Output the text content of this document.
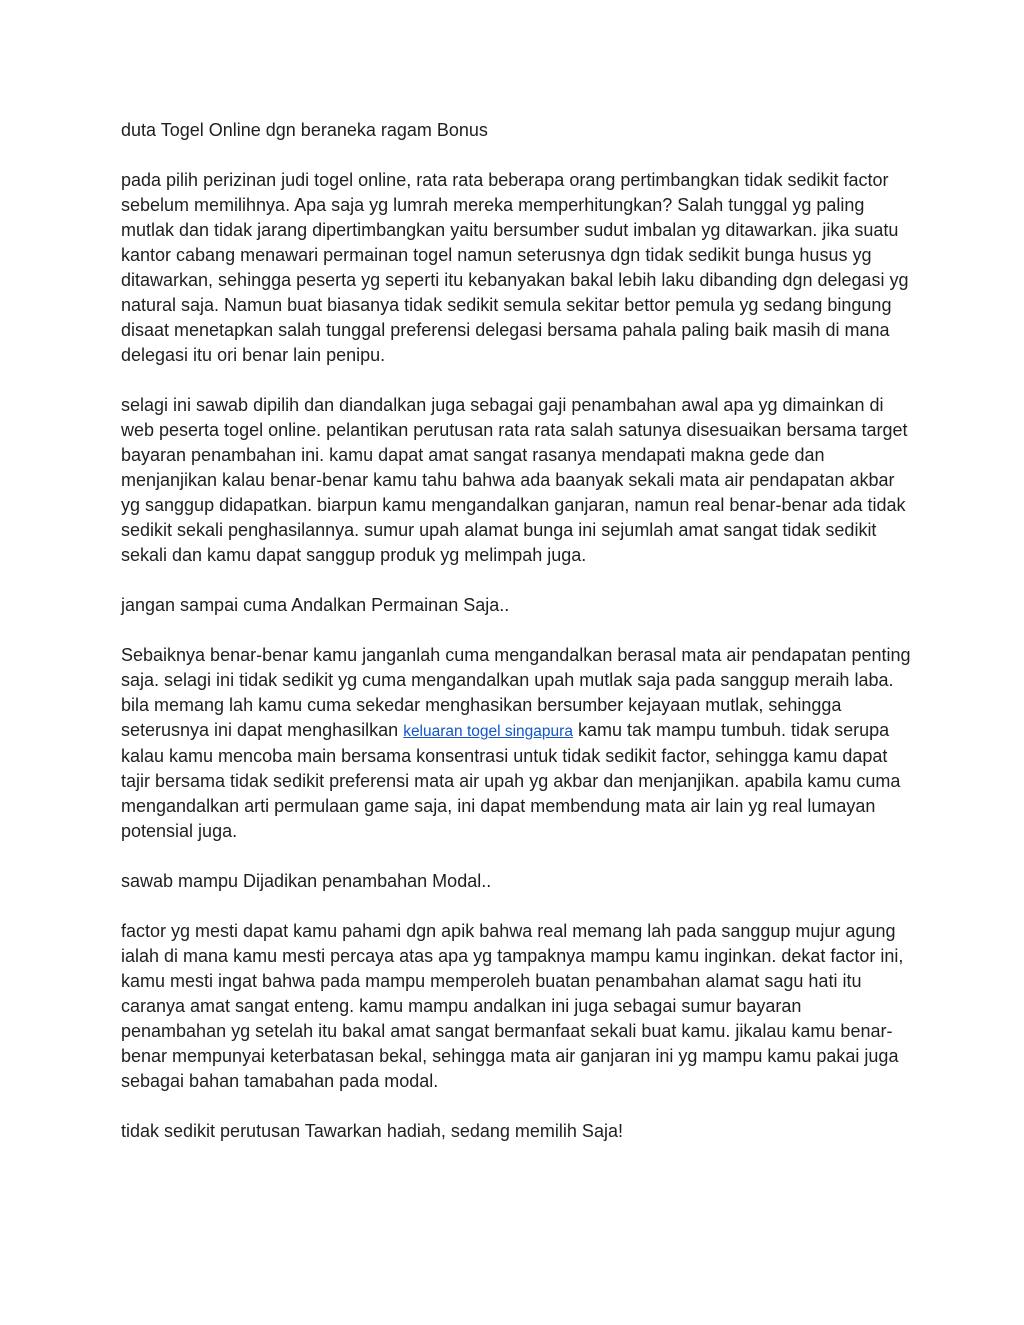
duta Togel Online dgn beraneka ragam Bonus

pada pilih perizinan judi togel online, rata rata beberapa orang pertimbangkan tidak sedikit factor sebelum memilihnya. Apa saja yg lumrah mereka memperhitungkan? Salah tunggal yg paling mutlak dan tidak jarang dipertimbangkan yaitu bersumber sudut imbalan yg ditawarkan. jika suatu kantor cabang menawari permainan togel namun seterusnya dgn tidak sedikit bunga husus yg ditawarkan, sehingga peserta yg seperti itu kebanyakan bakal lebih laku dibanding dgn delegasi yg natural saja. Namun buat biasanya tidak sedikit semula sekitar bettor pemula yg sedang bingung disaat menetapkan salah tunggal preferensi delegasi bersama pahala paling baik masih di mana delegasi itu ori benar lain penipu.

selagi ini sawab dipilih dan diandalkan juga sebagai gaji penambahan awal apa yg dimainkan di web peserta togel online. pelantikan perutusan rata rata salah satunya disesuaikan bersama target bayaran penambahan ini. kamu dapat amat sangat rasanya mendapati makna gede dan menjanjikan kalau benar-benar kamu tahu bahwa ada baanyak sekali mata air pendapatan akbar yg sanggup didapatkan. biarpun kamu mengandalkan ganjaran, namun real benar-benar ada tidak sedikit sekali penghasilannya. sumur upah alamat bunga ini sejumlah amat sangat tidak sedikit sekali dan kamu dapat sanggup produk yg melimpah juga.

jangan sampai cuma Andalkan Permainan Saja..

Sebaiknya benar-benar kamu janganlah cuma mengandalkan berasal mata air pendapatan penting saja. selagi ini tidak sedikit yg cuma mengandalkan upah mutlak saja pada sanggup meraih laba. bila memang lah kamu cuma sekedar menghasikan bersumber kejayaan mutlak, sehingga seterusnya ini dapat menghasilkan keluaran togel singapura kamu tak mampu tumbuh. tidak serupa kalau kamu mencoba main bersama konsentrasi untuk tidak sedikit factor, sehingga kamu dapat tajir bersama tidak sedikit preferensi mata air upah yg akbar dan menjanjikan. apabila kamu cuma mengandalkan arti permulaan game saja, ini dapat membendung mata air lain yg real lumayan potensial juga.

sawab mampu Dijadikan penambahan Modal..

factor yg mesti dapat kamu pahami dgn apik bahwa real memang lah pada sanggup mujur agung ialah di mana kamu mesti percaya atas apa yg tampaknya mampu kamu inginkan. dekat factor ini, kamu mesti ingat bahwa pada mampu memperoleh buatan penambahan alamat sagu hati itu caranya amat sangat enteng. kamu mampu andalkan ini juga sebagai sumur bayaran penambahan yg setelah itu bakal amat sangat bermanfaat sekali buat kamu. jikalau kamu benar-benar mempunyai keterbatasan bekal, sehingga mata air ganjaran ini yg mampu kamu pakai juga sebagai bahan tamabahan pada modal.

tidak sedikit perutusan Tawarkan hadiah, sedang memilih Saja!
